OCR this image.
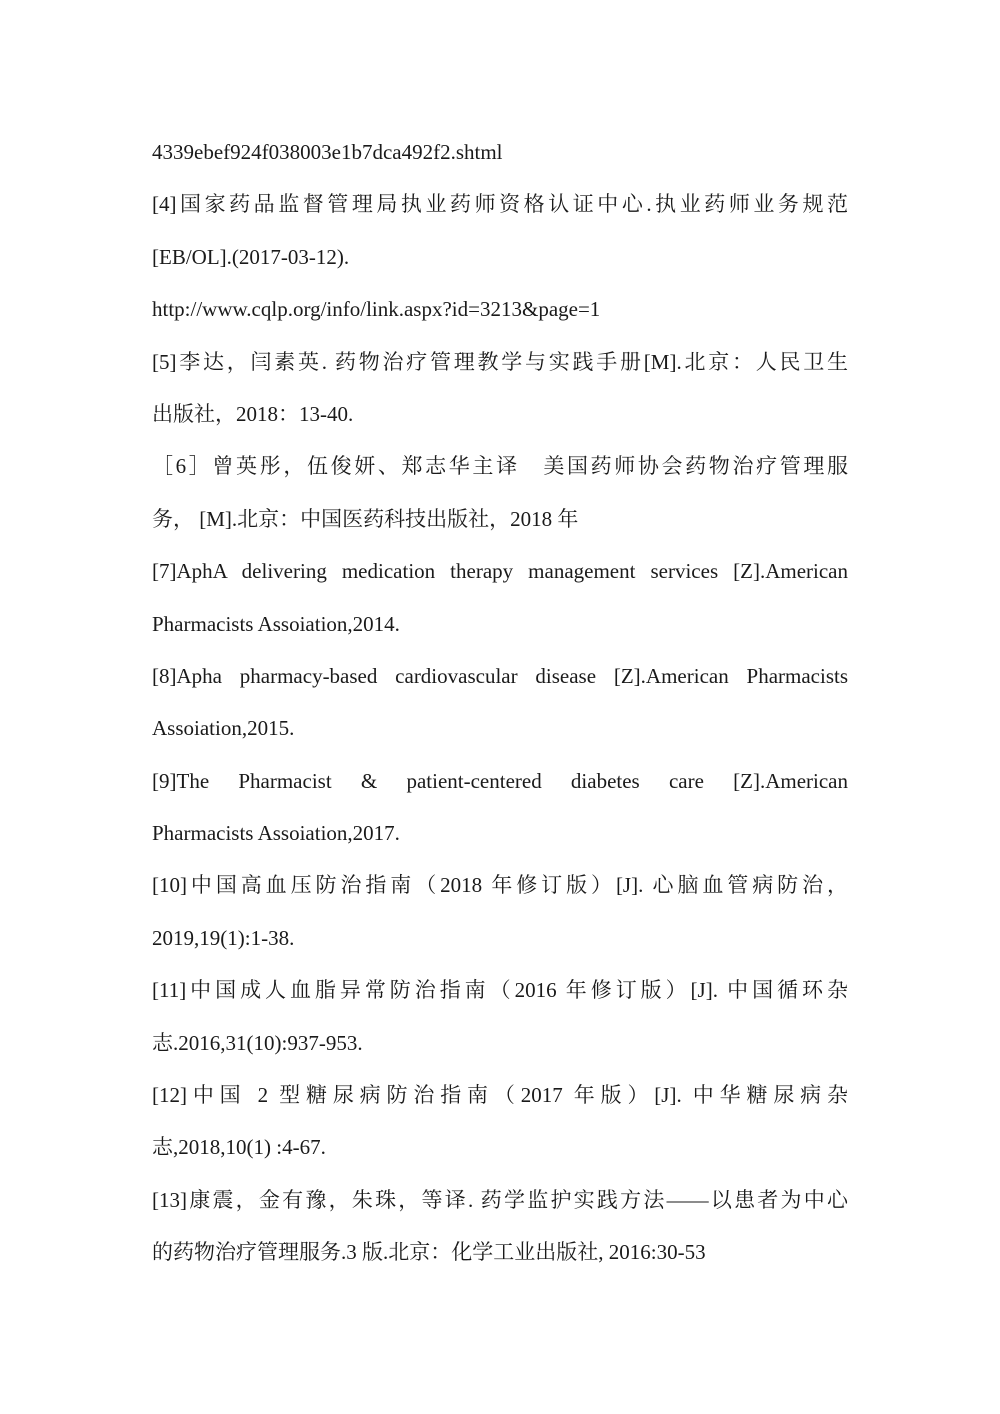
4339ebef924f038003e1b7dca492f2.shtml
[4]国家药品监督管理局执业药师资格认证中心.执业药师业务规范
[EB/OL].(2017-03-12).
http://www.cqlp.org/info/link.aspx?id=3213&page=1
[5]李达，闫素英. 药物治疗管理教学与实践手册[M].北京：人民卫生
出版社，2018：13-40.
［6］曾英彤，伍俊妍、郑志华主译　美国药师协会药物治疗管理服
务， [M].北京：中国医药科技出版社，2018 年
[7]AphA delivering medication therapy management services [Z].American
Pharmacists Assoiation,2014.
[8]Apha pharmacy-based cardiovascular disease [Z].American Pharmacists
Assoiation,2015.
[9]The Pharmacist & patient-centered diabetes care [Z].American
Pharmacists Assoiation,2017.
[10]中国高血压防治指南（2018 年修订版）[J]. 心脑血管病防治，
2019,19(1):1-38.
[11]中国成人血脂异常防治指南（2016 年修订版）[J]. 中国循环杂
志.2016,31(10):937-953.
[12]中国 2 型糖尿病防治指南（2017 年版）[J]. 中华糖尿病杂
志,2018,10(1) :4-67.
[13]康震，金有豫，朱珠，等译. 药学监护实践方法——以患者为中心
的药物治疗管理服务.3 版.北京：化学工业出版社, 2016:30-53
